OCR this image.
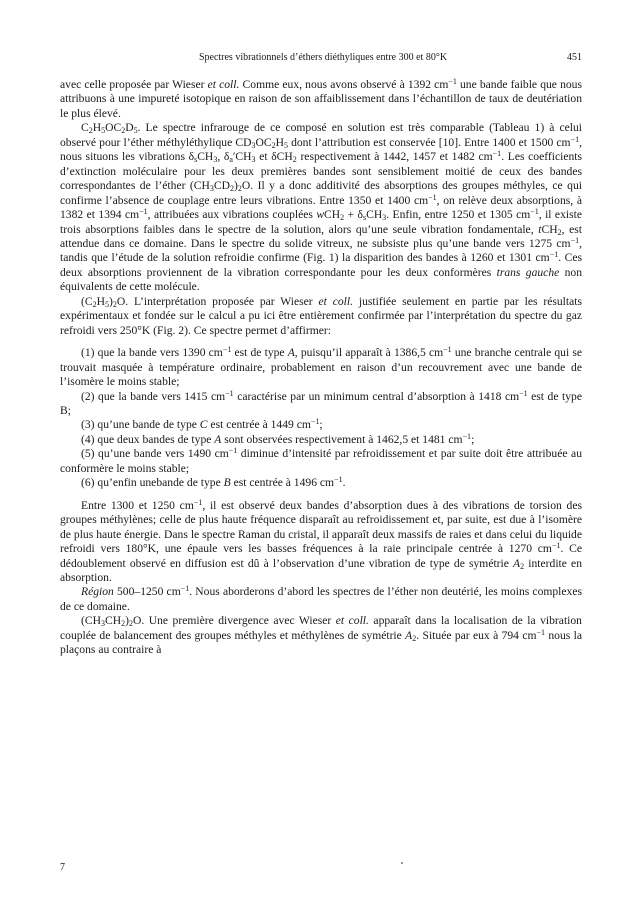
Spectres vibrationnels d’éthers diéthyliques entre 300 et 80°K	451

avec celle proposée par Wieser et coll. Comme eux, nous avons observé à 1392 $cm^{-1}$ une bande faible que nous attribuons à une impureté isotopique en raison de son affaiblissement dans l’échantillon de taux de deutériation le plus élevé.

$C_2H_5OC_2D_5$. Le spectre infrarouge de ce composé en solution est très comparable (Tableau 1) à celui observé pour l’éther méthyléthylique $CD_3OC_2H_5$ dont l’attribution est conservée [10]. Entre 1400 et 1500 $cm^{-1}$, nous situons les vibrations $\delta_sCH_3$, $\delta_a'CH_3$ et δCH$_2$ respectivement à 1442, 1457 et 1482 $cm^{-1}$. Les coefficients d’extinction moléculaire pour les deux premières bandes sont sensiblement moitié de ceux des bandes correspondantes de l’éther $(CH_3CD_2)_2O$. Il y a donc additivité des absorptions des groupes méthyles, ce qui confirme l’absence de couplage entre leurs vibrations. Entre 1350 et 1400 $cm^{-1}$, on relève deux absorptions, à 1382 et 1394 $cm^{-1}$, attribuées aux vibrations couplées $wCH_2 + \delta_sCH_3$. Enfin, entre 1250 et 1305 $cm^{-1}$, il existe trois absorptions faibles dans le spectre de la solution, alors qu’une seule vibration fondamentale, tCH$_2$, est attendue dans ce domaine. Dans le spectre du solide vitreux, ne subsiste plus qu’une bande vers 1275 $cm^{-1}$, tandis que l’étude de la solution refroidie confirme (Fig. 1) la disparition des bandes à 1260 et 1301 $cm^{-1}$. Ces deux absorptions proviennent de la vibration correspondante pour les deux conformères trans gauche non équivalents de cette molécule.

$(C_2H_5)_2O$. L’interprétation proposée par Wieser et coll. justifiée seulement en partie par les résultats expérimentaux et fondée sur le calcul a pu ici être entièrement confirmée par l’interprétation du spectre du gaz refroidi vers 250°K (Fig. 2). Ce spectre permet d’affirmer:

(1) que la bande vers 1390 $cm^{-1}$ est de type A, puisqu’il apparaît à 1386,5 $cm^{-1}$ une branche centrale qui se trouvait masquée à température ordinaire, probablement en raison d’un recouvrement avec une bande de l’isomère le moins stable;

(2) que la bande vers 1415 $cm^{-1}$ caractérise par un minimum central d’absorption à 1418 $cm^{-1}$ est de type B;

(3) qu’une bande de type C est centrée à 1449 $cm^{-1}$;

(4) que deux bandes de type A sont observées respectivement à 1462,5 et 1481 $cm^{-1}$;

(5) qu’une bande vers 1490 $cm^{-1}$ diminue d’intensité par refroidissement et par suite doit être attribuée au conformère le moins stable;

(6) qu’enfin unebande de type B est centrée à 1496 $cm^{-1}$.

Entre 1300 et 1250 $cm^{-1}$, il est observé deux bandes d’absorption dues à des vibrations de torsion des groupes méthylènes; celle de plus haute fréquence disparaît au refroidissement et, par suite, est due à l’isomère de plus haute énergie. Dans le spectre Raman du cristal, il apparaît deux massifs de raies et dans celui du liquide refroidi vers 180°K, une épaule vers les basses fréquences à la raie principale centrée à 1270 $cm^{-1}$. Ce dédoublement observé en diffusion est dû à l’observation d’une vibration de type de symétrie $A_2$ interdite en absorption.

Région 500–1250 $cm^{-1}$. Nous aborderons d’abord les spectres de l’éther non deutérié, les moins complexes de ce domaine.

$(CH_3CH_2)_2O$. Une première divergence avec Wieser et coll. apparaît dans la localisation de la vibration couplée de balancement des groupes méthyles et méthylènes de symétrie $A_2$. Située par eux à 794 $cm^{-1}$ nous la plaçons au contraire à

7
